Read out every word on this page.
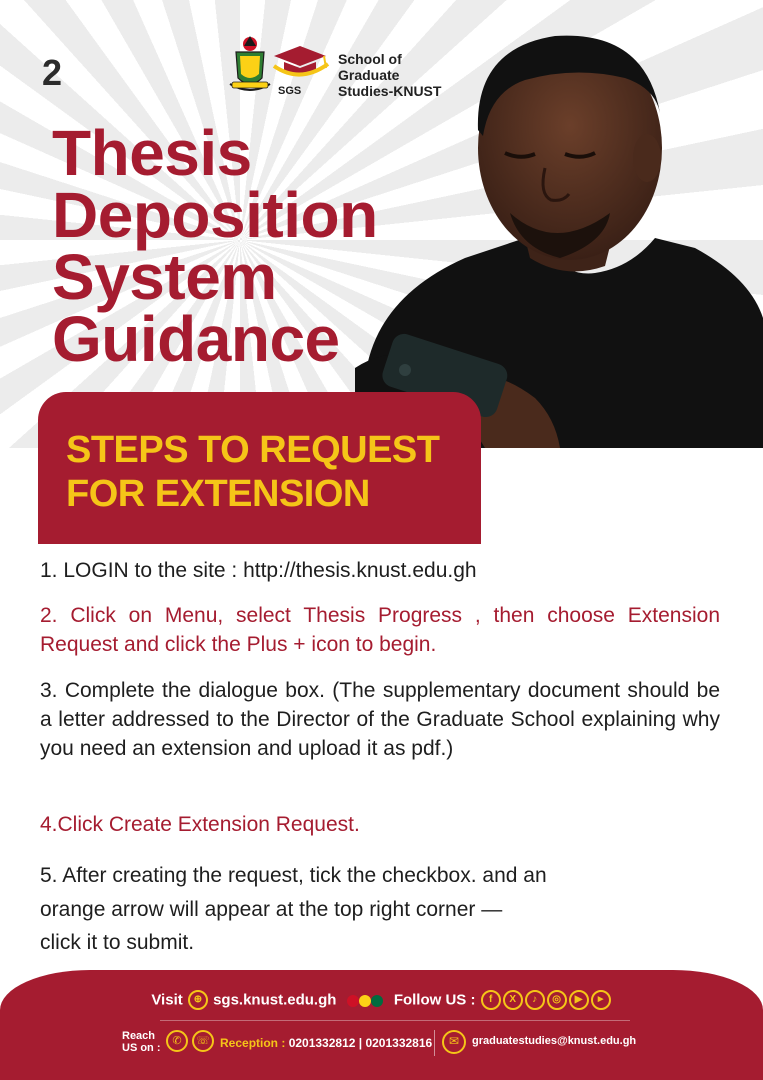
2	SGS
School of
Graduate
Studies-KNUST
Thesis
Deposition
System
Guidance
STEPS TO REQUEST
FOR EXTENSION
1. LOGIN to the site : http://thesis.knust.edu.gh
2. Click on Menu, select Thesis Progress , then choose Extension Request and click the Plus + icon to begin.
3. Complete the dialogue box. (The supplementary document should be a letter addressed to the Director of the Graduate School explaining why you need an extension and upload it as pdf.)
4.Click Create Extension Request.
5. After creating the request, tick the checkbox. and an
orange arrow will appear at the top right corner —
click it to submit.
Visit ⊕ sgs.knust.edu.gh	Follow US : f X ♪ ◎ ▶ ►
Reach
US on :
✆	☏ Reception : 0201332812 | 0201332816	✉	graduatestudies@knust.edu.gh
